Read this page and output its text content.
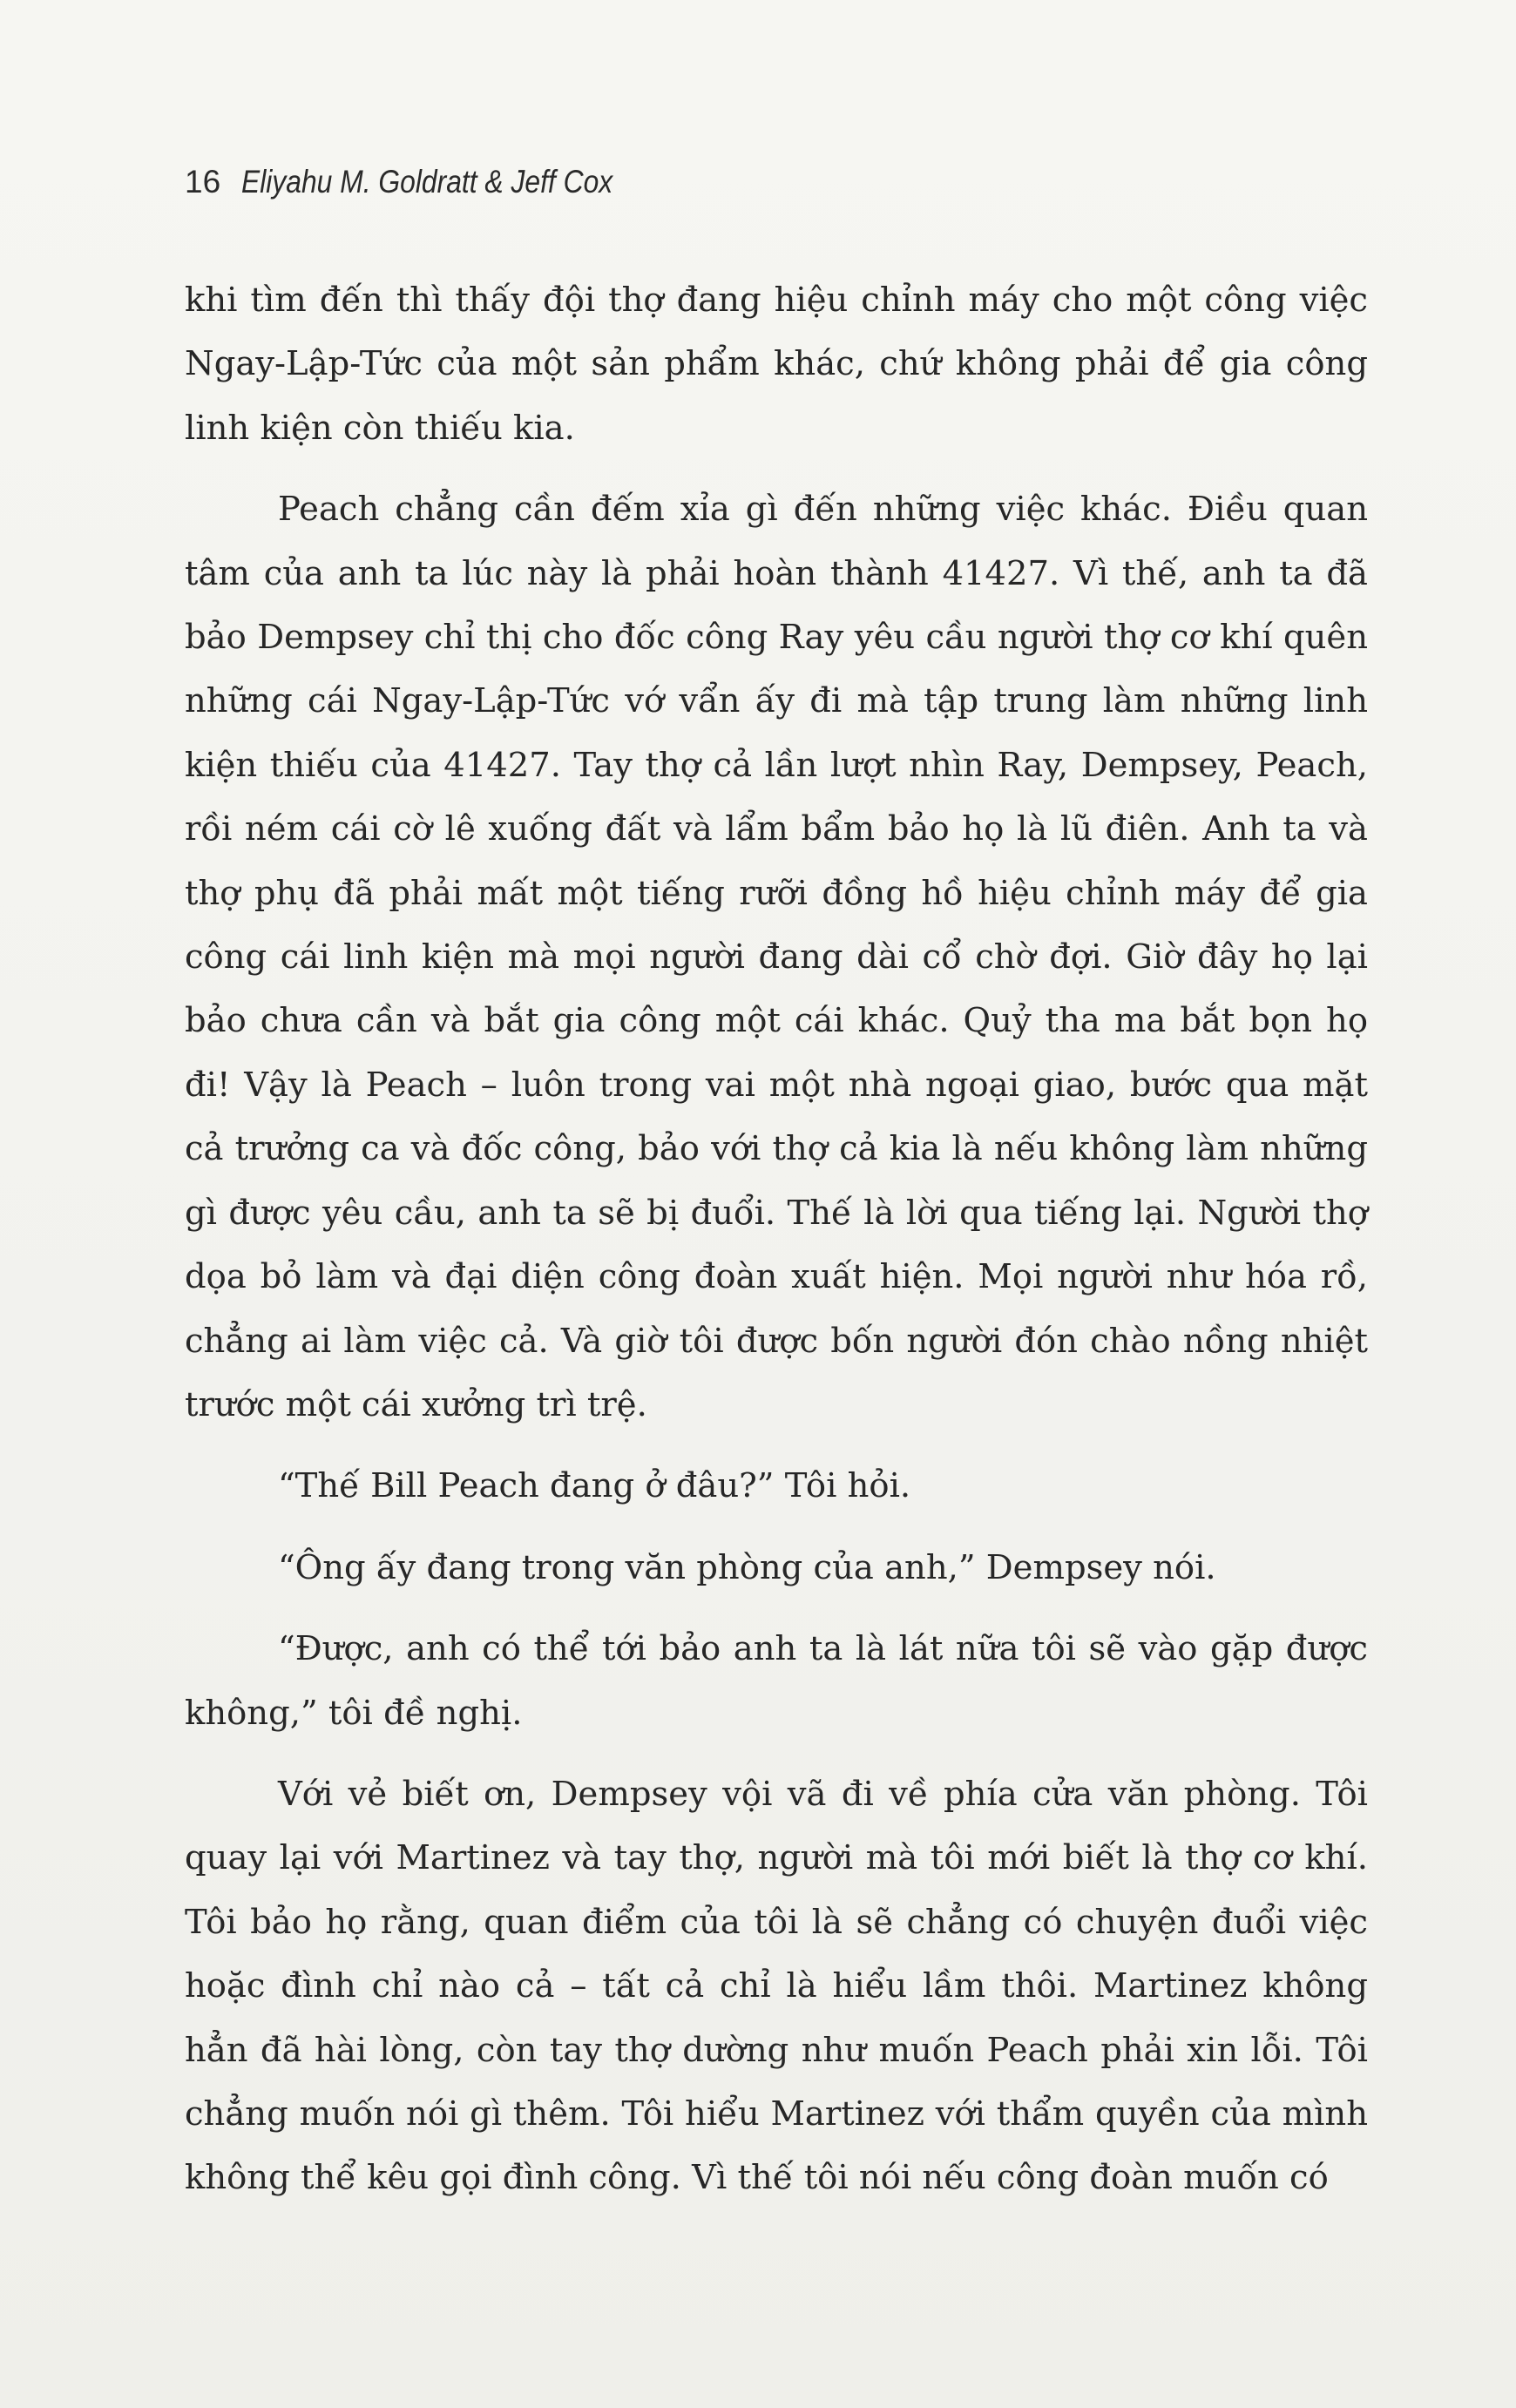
16 Eliyahu M. Goldratt & Jeff Cox

khi tìm đến thì thấy đội thợ đang hiệu chỉnh máy cho một công việc Ngay-Lập-Tức của một sản phẩm khác, chứ không phải để gia công linh kiện còn thiếu kia.

Peach chẳng cần đếm xỉa gì đến những việc khác. Điều quan tâm của anh ta lúc này là phải hoàn thành 41427. Vì thế, anh ta đã bảo Dempsey chỉ thị cho đốc công Ray yêu cầu người thợ cơ khí quên những cái Ngay-Lập-Tức vớ vẩn ấy đi mà tập trung làm những linh kiện thiếu của 41427. Tay thợ cả lần lượt nhìn Ray, Dempsey, Peach, rồi ném cái cờ lê xuống đất và lẩm bẩm bảo họ là lũ điên. Anh ta và thợ phụ đã phải mất một tiếng rưỡi đồng hồ hiệu chỉnh máy để gia công cái linh kiện mà mọi người đang dài cổ chờ đợi. Giờ đây họ lại bảo chưa cần và bắt gia công một cái khác. Quỷ tha ma bắt bọn họ đi! Vậy là Peach – luôn trong vai một nhà ngoại giao, bước qua mặt cả trưởng ca và đốc công, bảo với thợ cả kia là nếu không làm những gì được yêu cầu, anh ta sẽ bị đuổi. Thế là lời qua tiếng lại. Người thợ dọa bỏ làm và đại diện công đoàn xuất hiện. Mọi người như hóa rồ, chẳng ai làm việc cả. Và giờ tôi được bốn người đón chào nồng nhiệt trước một cái xưởng trì trệ.

“Thế Bill Peach đang ở đâu?” Tôi hỏi.

“Ông ấy đang trong văn phòng của anh,” Dempsey nói.

“Được, anh có thể tới bảo anh ta là lát nữa tôi sẽ vào gặp được không,” tôi đề nghị.

Với vẻ biết ơn, Dempsey vội vã đi về phía cửa văn phòng. Tôi quay lại với Martinez và tay thợ, người mà tôi mới biết là thợ cơ khí. Tôi bảo họ rằng, quan điểm của tôi là sẽ chẳng có chuyện đuổi việc hoặc đình chỉ nào cả – tất cả chỉ là hiểu lầm thôi. Martinez không hẳn đã hài lòng, còn tay thợ dường như muốn Peach phải xin lỗi. Tôi chẳng muốn nói gì thêm. Tôi hiểu Martinez với thẩm quyền của mình không thể kêu gọi đình công. Vì thế tôi nói nếu công đoàn muốn có
